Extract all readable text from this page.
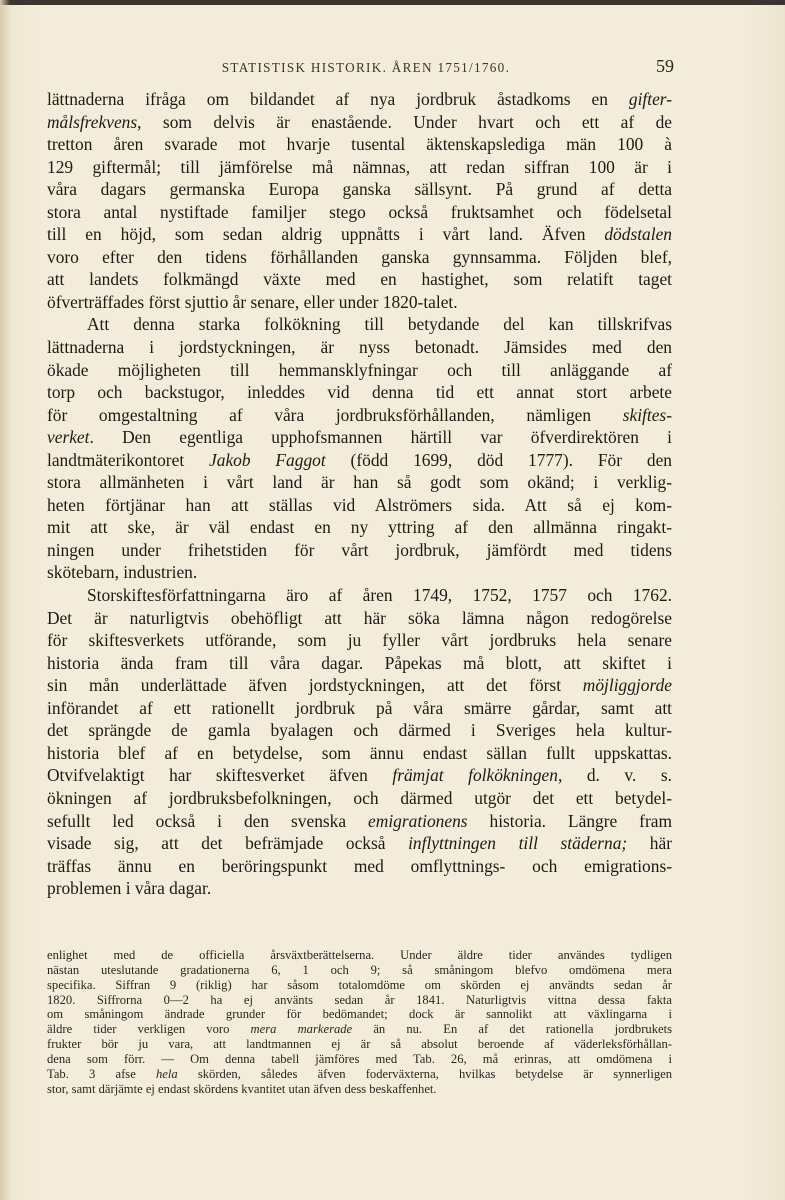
STATISTISK HISTORIK. ÅREN 1751/1760.	59
lättnaderna ifråga om bildandet af nya jordbruk åstadkoms en gifter-
målsfrekvens, som delvis är enastående. Under hvart och ett af de
tretton åren svarade mot hvarje tusental äktenskapslediga män 100 à
129 giftermål; till jämförelse må nämnas, att redan siffran 100 är i
våra dagars germanska Europa ganska sällsynt. På grund af detta
stora antal nystiftade familjer stego också fruktsamhet och födelsetal
till en höjd, som sedan aldrig uppnåtts i vårt land. Äfven dödstalen
voro efter den tidens förhållanden ganska gynnsamma. Följden blef,
att landets folkmängd växte med en hastighet, som relatift taget
öfverträffades först sjuttio år senare, eller under 1820-talet.
Att denna starka folkökning till betydande del kan tillskrifvas
lättnaderna i jordstyckningen, är nyss betonadt. Jämsides med den
ökade möjligheten till hemmansklyfningar och till anläggande af
torp och backstugor, inleddes vid denna tid ett annat stort arbete
för omgestaltning af våra jordbruksförhållanden, nämligen skiftes-
verket. Den egentliga upphofsmannen härtill var öfverdirektören i
landtmäterikontoret Jakob Faggot (född 1699, död 1777). För den
stora allmänheten i vårt land är han så godt som okänd; i verklig-
heten förtjänar han att ställas vid Alströmers sida. Att så ej kom-
mit att ske, är väl endast en ny yttring af den allmänna ringakt-
ningen under frihetstiden för vårt jordbruk, jämfördt med tidens
skötebarn, industrien.
Storskiftesförfattningarna äro af åren 1749, 1752, 1757 och 1762.
Det är naturligtvis obehöfligt att här söka lämna någon redogörelse
för skiftesverkets utförande, som ju fyller vårt jordbruks hela senare
historia ända fram till våra dagar. Påpekas må blott, att skiftet i
sin mån underlättade äfven jordstyckningen, att det först möjliggjorde
införandet af ett rationellt jordbruk på våra smärre gårdar, samt att
det sprängde de gamla byalagen och därmed i Sveriges hela kultur-
historia blef af en betydelse, som ännu endast sällan fullt uppskattas.
Otvifvelaktigt har skiftesverket äfven främjat folkökningen, d. v. s.
ökningen af jordbruksbefolkningen, och därmed utgör det ett betydel-
sefullt led också i den svenska emigrationens historia. Längre fram
visade sig, att det befrämjade också inflyttningen till städerna; här
träffas ännu en beröringspunkt med omflyttnings- och emigrations-
problemen i våra dagar.
enlighet med de officiella årsväxtberättelserna. Under äldre tider användes tydligen
nästan uteslutande gradationerna 6, 1 och 9; så småningom blefvo omdömena mera
specifika. Siffran 9 (riklig) har såsom totalomdöme om skörden ej användts sedan år
1820. Siffrorna 0—2 ha ej använts sedan år 1841. Naturligtvis vittna dessa fakta
om småningom ändrade grunder för bedömandet; dock är sannolikt att växlingarna i
äldre tider verkligen voro mera markerade än nu. En af det rationella jordbrukets
frukter bör ju vara, att landtmannen ej är så absolut beroende af väderleksförhållan-
dena som förr. — Om denna tabell jämföres med Tab. 26, må erinras, att omdömena i
Tab. 3 afse hela skörden, således äfven foderväxterna, hvilkas betydelse är synnerligen
stor, samt därjämte ej endast skördens kvantitet utan äfven dess beskaffenhet.
